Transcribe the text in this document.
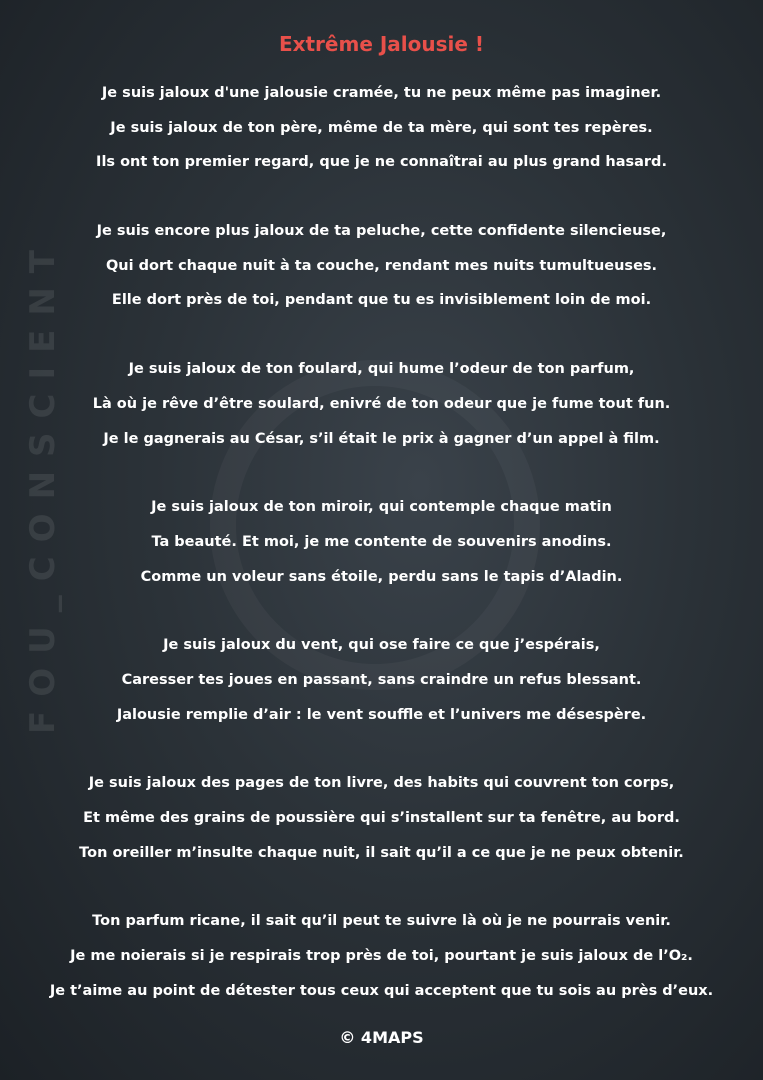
FOU_CONSCIENT
Extrême Jalousie !
Je suis jaloux d'une jalousie cramée, tu ne peux même pas imaginer.
Je suis jaloux de ton père, même de ta mère, qui sont tes repères.
Ils ont ton premier regard, que je ne connaîtrai au plus grand hasard.
Je suis encore plus jaloux de ta peluche, cette confidente silencieuse,
Qui dort chaque nuit à ta couche, rendant mes nuits tumultueuses.
Elle dort près de toi, pendant que tu es invisiblement loin de moi.
Je suis jaloux de ton foulard, qui hume l’odeur de ton parfum,
Là où je rêve d’être soulard, enivré de ton odeur que je fume tout fun.
Je le gagnerais au César, s’il était le prix à gagner d’un appel à film.
Je suis jaloux de ton miroir, qui contemple chaque matin
Ta beauté. Et moi, je me contente de souvenirs anodins.
Comme un voleur sans étoile, perdu sans le tapis d’Aladin.
Je suis jaloux du vent, qui ose faire ce que j’espérais,
Caresser tes joues en passant, sans craindre un refus blessant.
Jalousie remplie d’air : le vent souffle et l’univers me désespère.
Je suis jaloux des pages de ton livre, des habits qui couvrent ton corps,
Et même des grains de poussière qui s’installent sur ta fenêtre, au bord.
Ton oreiller m’insulte chaque nuit, il sait qu’il a ce que je ne peux obtenir.
Ton parfum ricane, il sait qu’il peut te suivre là où je ne pourrais venir.
Je me noierais si je respirais trop près de toi, pourtant je suis jaloux de l’O₂.
Je t’aime au point de détester tous ceux qui acceptent que tu sois au près d’eux.
© 4MAPS
